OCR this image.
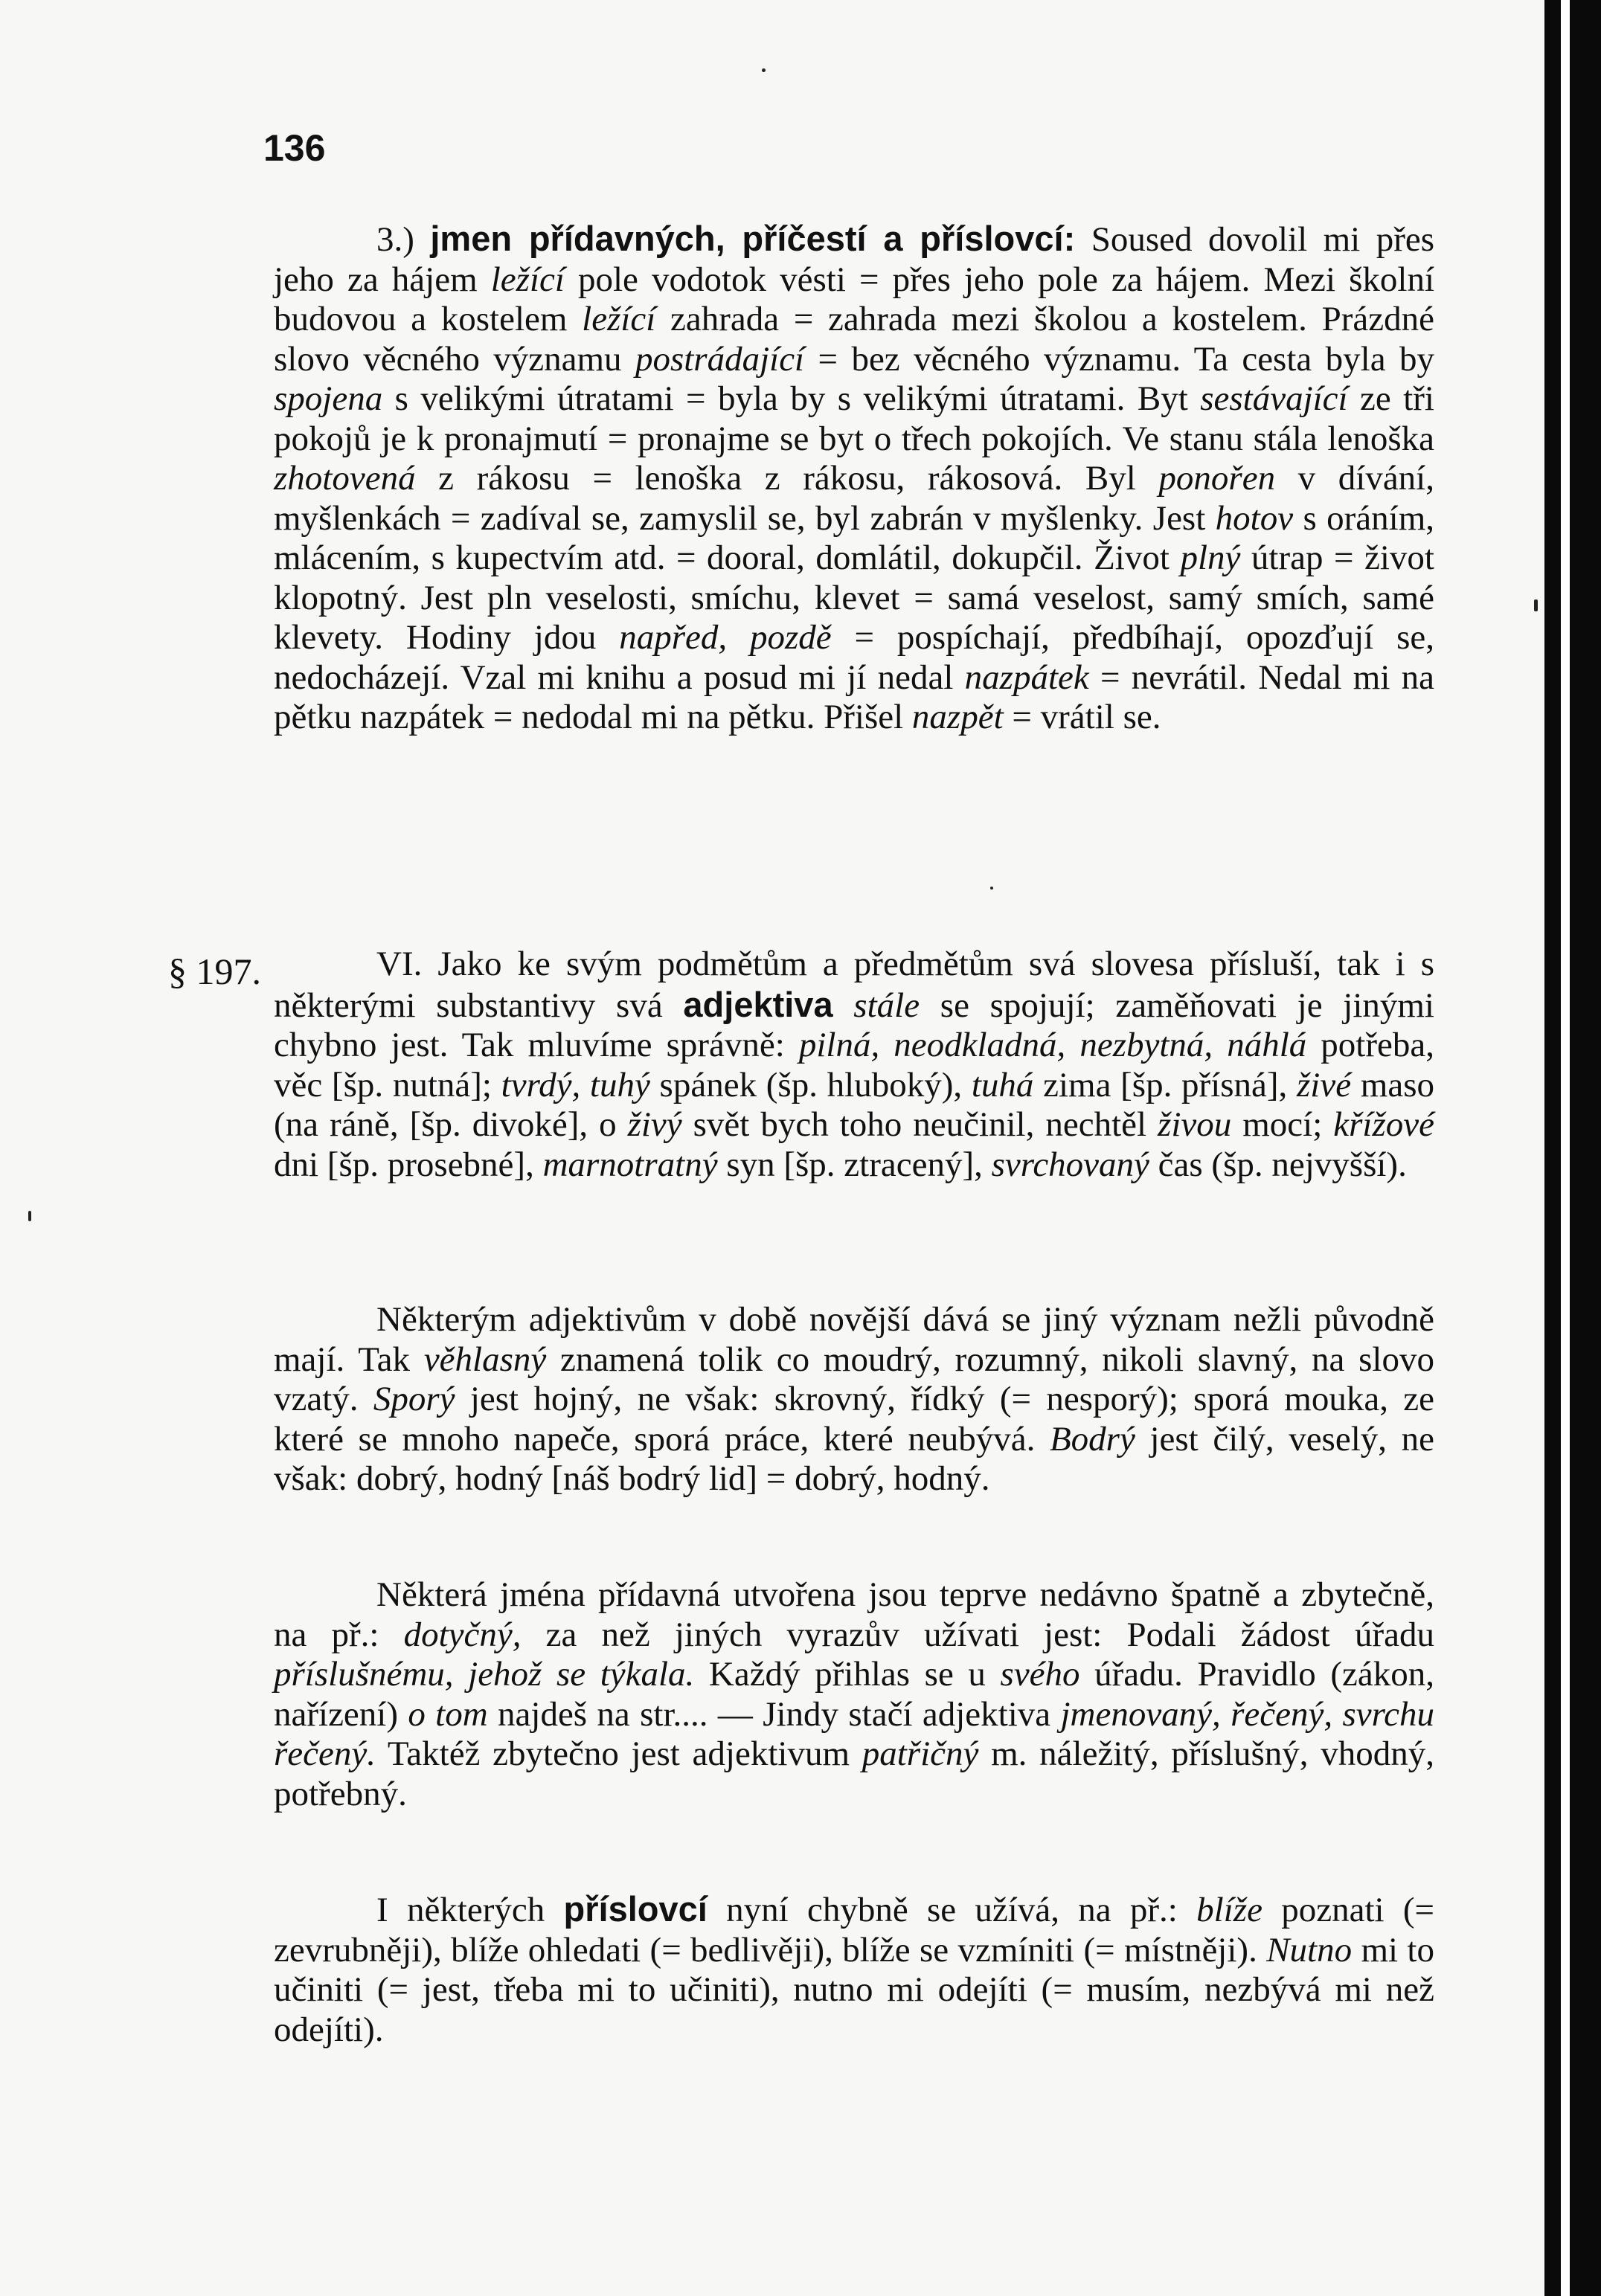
136

3.) jmen přídavných, příčestí a příslovcí: Soused dovolil mi přes jeho za hájem ležící pole vodotok vésti = přes jeho pole za hájem. Mezi školní budovou a kostelem ležící zahrada = zahrada mezi školou a kostelem. Prázdné slovo věcného významu postrádající = bez věcného významu. Ta cesta byla by spojena s velikými útratami = byla by s velikými útratami. Byt sestávající ze tři pokojů je k pronajmutí = pronajme se byt o třech pokojích. Ve stanu stála lenoška zhotovená z rákosu = lenoška z rákosu, rákosová. Byl ponořen v dívání, myšlenkách = zadíval se, zamyslil se, byl zabrán v myšlenky. Jest hotov s oráním, mlácením, s kupectvím atd. = dooral, domlátil, dokupčil. Život plný útrap = život klopotný. Jest pln veselosti, smíchu, klevet = samá veselost, samý smích, samé klevety. Hodiny jdou napřed, pozdě = pospíchají, předbíhají, opozďují se, nedocházejí. Vzal mi knihu a posud mi jí nedal nazpátek = nevrátil. Nedal mi na pětku nazpátek = nedodal mi na pětku. Přišel nazpět = vrátil se.

§ 197.	VI. Jako ke svým podmětům a předmětům svá slovesa přísluší, tak i s některými substantivy svá adjektiva stále se spojují; zaměňovati je jinými chybno jest. Tak mluvíme správně: pilná, neodkladná, nezbytná, náhlá potřeba, věc [šp. nutná]; tvrdý, tuhý spánek (šp. hluboký), tuhá zima [šp. přísná], živé maso (na ráně, [šp. divoké], o živý svět bych toho neučinil, nechtěl živou mocí; křížové dni [šp. prosebné], marnotratný syn [šp. ztracený], svrchovaný čas (šp. nejvyšší).

Některým adjektivům v době novější dává se jiný význam nežli původně mají. Tak věhlasný znamená tolik co moudrý, rozumný, nikoli slavný, na slovo vzatý. Sporý jest hojný, ne však: skrovný, řídký (= nesporý); sporá mouka, ze které se mnoho napeče, sporá práce, které neubývá. Bodrý jest čilý, veselý, ne však: dobrý, hodný [náš bodrý lid] = dobrý, hodný.

Některá jména přídavná utvořena jsou teprve nedávno špatně a zbytečně, na př.: dotyčný, za než jiných vyrazův užívati jest: Podali žádost úřadu příslušnému, jehož se týkala. Každý přihlas se u svého úřadu. Pravidlo (zákon, nařízení) o tom najdeš na str.... — Jindy stačí adjektiva jmenovaný, řečený, svrchu řečený. Taktéž zbytečno jest adjektivum patřičný m. náležitý, příslušný, vhodný, potřebný.

I některých příslovcí nyní chybně se užívá, na př.: blíže poznati (= zevrubněji), blíže ohledati (= bedlivěji), blíže se vzmíniti (= místněji). Nutno mi to učiniti (= jest, třeba mi to učiniti), nutno mi odejíti (= musím, nezbývá mi než odejíti).
